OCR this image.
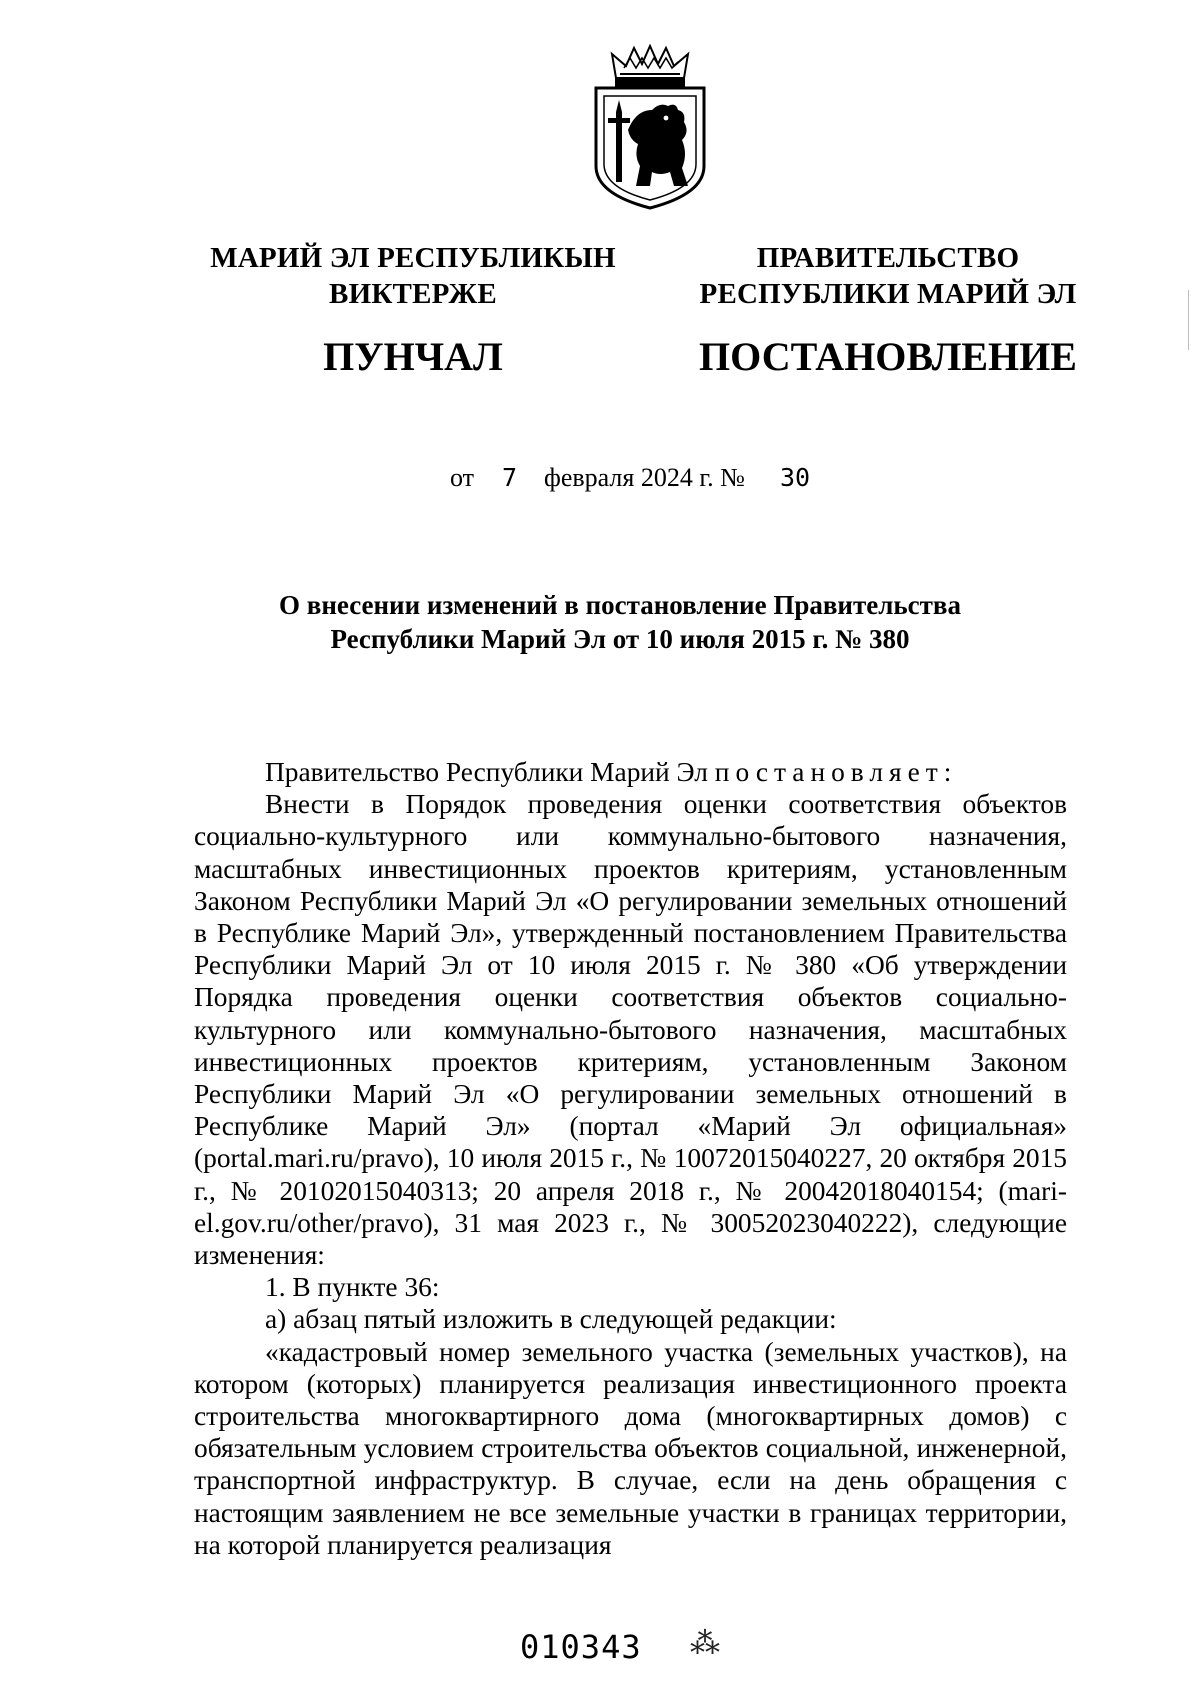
МАРИЙ ЭЛ РЕСПУБЛИКЫН
ВИКТЕРЖЕ
ПУНЧАЛ
ПРАВИТЕЛЬСТВО
РЕСПУБЛИКИ МАРИЙ ЭЛ
ПОСТАНОВЛЕНИЕ
от 7 февраля 2024 г. № 30
О внесении изменений в постановление Правительства
Республики Марий Эл от 10 июля 2015 г. № 380
Правительство Республики Марий Эл постановляет:
Внести в Порядок проведения оценки соответствия объектов социально-культурного или коммунально-бытового назначения, масштабных инвестиционных проектов критериям, установленным Законом Республики Марий Эл «О регулировании земельных отношений в Республике Марий Эл», утвержденный постановлением Правительства Республики Марий Эл от 10 июля 2015 г. № 380 «Об утверждении Порядка проведения оценки соответствия объектов социально-культурного или коммунально-бытового назначения, масштабных инвестиционных проектов критериям, установленным Законом Республики Марий Эл «О регулировании земельных отношений в Республике Марий Эл» (портал «Марий Эл официальная» (portal.mari.ru/pravo), 10 июля 2015 г., № 10072015040227, 20 октября 2015 г., № 20102015040313; 20 апреля 2018 г., № 20042018040154; (mari-el.gov.ru/other/pravo), 31 мая 2023 г., № 30052023040222), следующие изменения:
1. В пункте 36:
а) абзац пятый изложить в следующей редакции:
«кадастровый номер земельного участка (земельных участков), на котором (которых) планируется реализация инвестиционного проекта строительства многоквартирного дома (многоквартирных домов) с обязательным условием строительства объектов социальной, инженерной, транспортной инфраструктур. В случае, если на день обращения с настоящим заявлением не все земельные участки в границах территории, на которой планируется реализация
010343 ⁂
